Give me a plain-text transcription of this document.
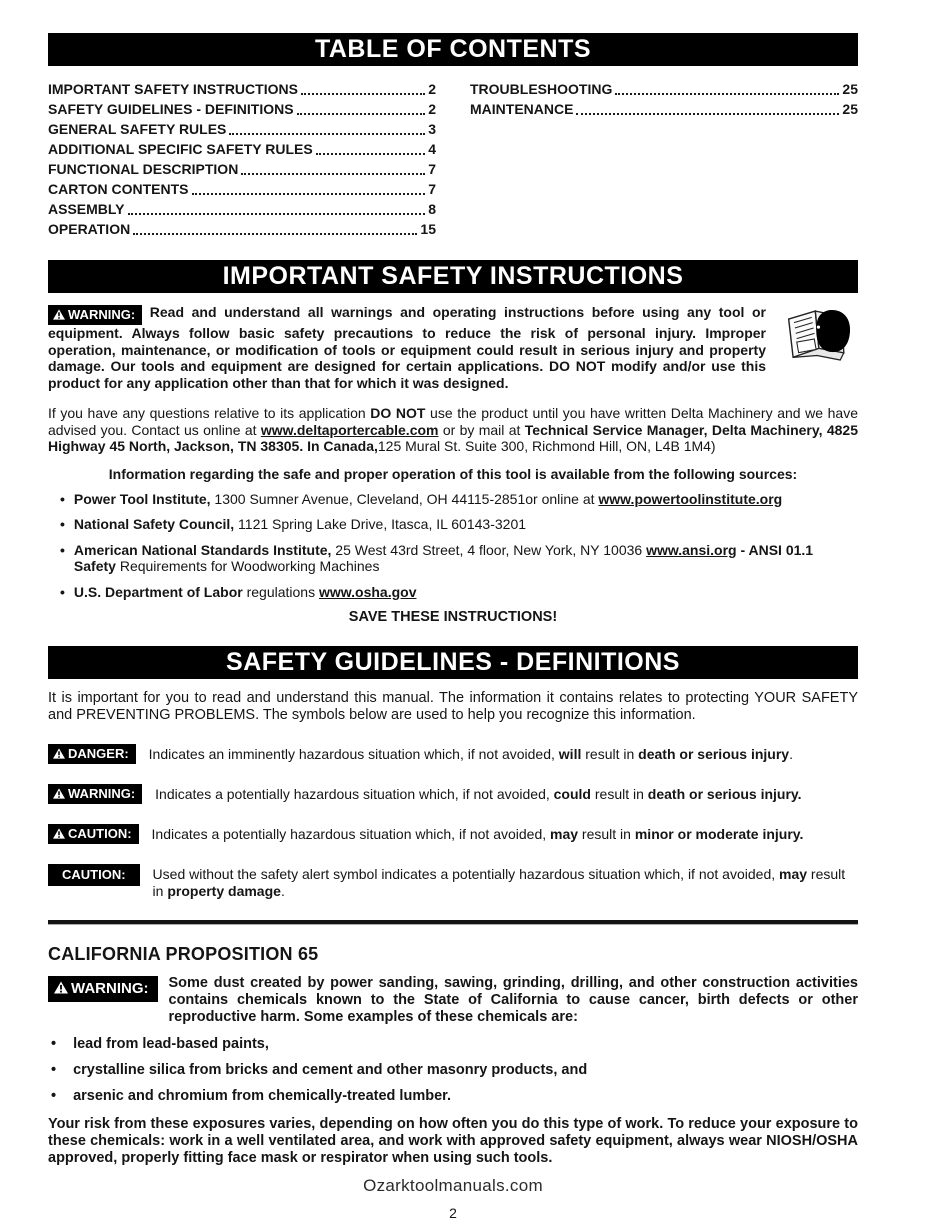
TABLE OF CONTENTS
IMPORTANT SAFETY INSTRUCTIONS	2
SAFETY GUIDELINES - DEFINITIONS	2
GENERAL SAFETY RULES	3
ADDITIONAL SPECIFIC SAFETY RULES	4
FUNCTIONAL DESCRIPTION	7
CARTON CONTENTS	7
ASSEMBLY	8
OPERATION	15
TROUBLESHOOTING	25
MAINTENANCE	25
IMPORTANT SAFETY INSTRUCTIONS

WARNING: Read and understand all warnings and operating instructions before using any tool or equipment. Always follow basic safety precautions to reduce the risk of personal injury. Improper operation, maintenance, or modification of tools or equipment could result in serious injury and property damage. Our tools and equipment are designed for certain applications. DO NOT modify and/or use this product for any application other than that for which it was designed.

If you have any questions relative to its application DO NOT use the product until you have written Delta Machinery and we have advised you. Contact us online at www.deltaportercable.com or by mail at Technical Service Manager, Delta Machinery, 4825 Highway 45 North, Jackson, TN 38305. In Canada,125 Mural St. Suite 300, Richmond Hill, ON, L4B 1M4)

Information regarding the safe and proper operation of this tool is available from the following sources:
• Power Tool Institute, 1300 Sumner Avenue, Cleveland, OH 44115-2851or online at www.powertoolinstitute.org
• National Safety Council, 1121 Spring Lake Drive, Itasca, IL 60143-3201
• American National Standards Institute, 25 West 43rd Street, 4 floor, New York, NY 10036 www.ansi.org - ANSI 01.1 Safety Requirements for Woodworking Machines
• U.S. Department of Labor regulations www.osha.gov
SAVE THESE INSTRUCTIONS!
SAFETY GUIDELINES - DEFINITIONS

It is important for you to read and understand this manual. The information it contains relates to protecting YOUR SAFETY and PREVENTING PROBLEMS. The symbols below are used to help you recognize this information.

DANGER:	Indicates an imminently hazardous situation which, if not avoided, will result in death or serious injury.
WARNING:	Indicates a potentially hazardous situation which, if not avoided, could result in death or serious injury.
CAUTION:	Indicates a potentially hazardous situation which, if not avoided, may result in minor or moderate injury.
CAUTION:	Used without the safety alert symbol indicates a potentially hazardous situation which, if not avoided, may result in property damage.
CALIFORNIA PROPOSITION 65
WARNING:	Some dust created by power sanding, sawing, grinding, drilling, and other construction activities contains chemicals known to the State of California to cause cancer, birth defects or other reproductive harm. Some examples of these chemicals are:
• lead from lead-based paints,
• crystalline silica from bricks and cement and other masonry products, and
• arsenic and chromium from chemically-treated lumber.

Your risk from these exposures varies, depending on how often you do this type of work. To reduce your exposure to these chemicals: work in a well ventilated area, and work with approved safety equipment, always wear NIOSH/OSHA approved, properly fitting face mask or respirator when using such tools.

Ozarktoolmanuals.com
2
